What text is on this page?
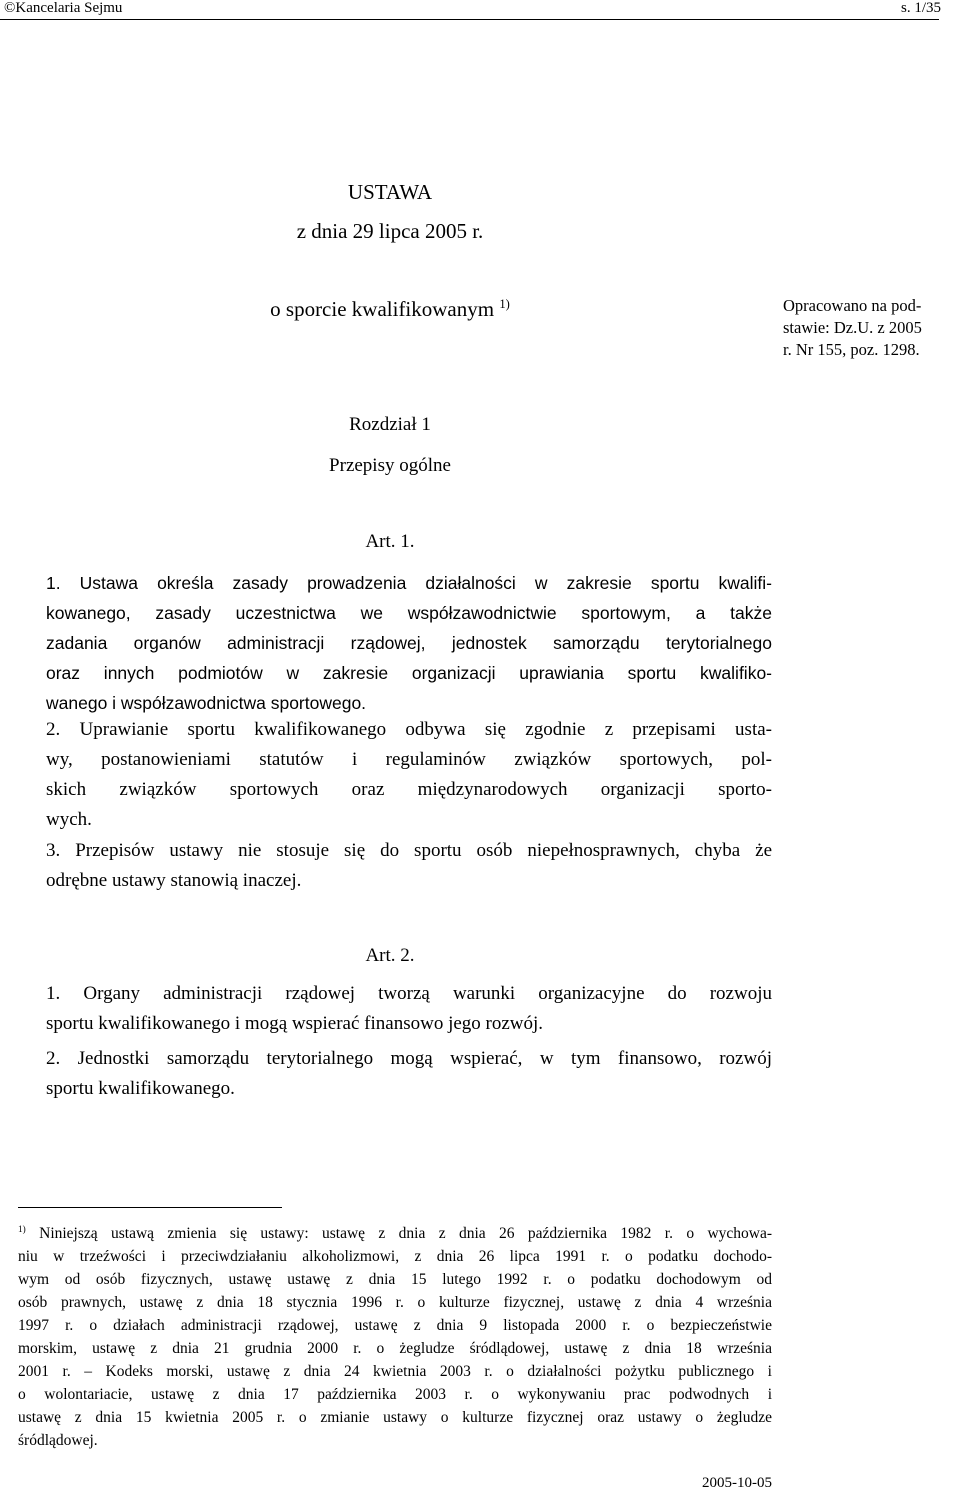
©Kancelaria Sejmu	s. 1/35
USTAWA
z dnia 29 lipca 2005 r.
o sporcie kwalifikowanym $^{1)}$	Opracowano na pod-
stawie: Dz.U. z 2005
r. Nr 155, poz. 1298.
Rozdział 1
Przepisy ogólne
Art. 1.
1. Ustawa określa zasady prowadzenia działalności w zakresie sportu kwalifi-
kowanego, zasady uczestnictwa we współzawodnictwie sportowym, a także
zadania organów administracji rządowej, jednostek samorządu terytorialnego
oraz innych podmiotów w zakresie organizacji uprawiania sportu kwalifiko-
wanego i współzawodnictwa sportowego.
2. Uprawianie sportu kwalifikowanego odbywa się zgodnie z przepisami usta-
wy, postanowieniami statutów i regulaminów związków sportowych, pol-
skich związków sportowych oraz międzynarodowych organizacji sporto-
wych.
3. Przepisów ustawy nie stosuje się do sportu osób niepełnosprawnych, chyba że
odrębne ustawy stanowią inaczej.
Art. 2.
1. Organy administracji rządowej tworzą warunki organizacyjne do rozwoju
sportu kwalifikowanego i mogą wspierać finansowo jego rozwój.
2. Jednostki samorządu terytorialnego mogą wspierać, w tym finansowo, rozwój
sportu kwalifikowanego.
$^{1)}$ Niniejszą ustawą zmienia się ustawy: ustawę z dnia z dnia 26 października 1982 r. o wychowa-
niu w trzeźwości i przeciwdziałaniu alkoholizmowi, z dnia 26 lipca 1991 r. o podatku dochodo-
wym od osób fizycznych, ustawę ustawę z dnia 15 lutego 1992 r. o podatku dochodowym od
osób prawnych, ustawę z dnia 18 stycznia 1996 r. o kulturze fizycznej, ustawę z dnia 4 września
1997 r. o działach administracji rządowej, ustawę z dnia 9 listopada 2000 r. o bezpieczeństwie
morskim, ustawę z dnia 21 grudnia 2000 r. o żegludze śródlądowej, ustawę z dnia 18 września
2001 r. – Kodeks morski, ustawę z dnia 24 kwietnia 2003 r. o działalności pożytku publicznego i
o wolontariacie, ustawę z dnia 17 października 2003 r. o wykonywaniu prac podwodnych i
ustawę z dnia 15 kwietnia 2005 r. o zmianie ustawy o kulturze fizycznej oraz ustawy o żegludze
śródlądowej.
2005-10-05
